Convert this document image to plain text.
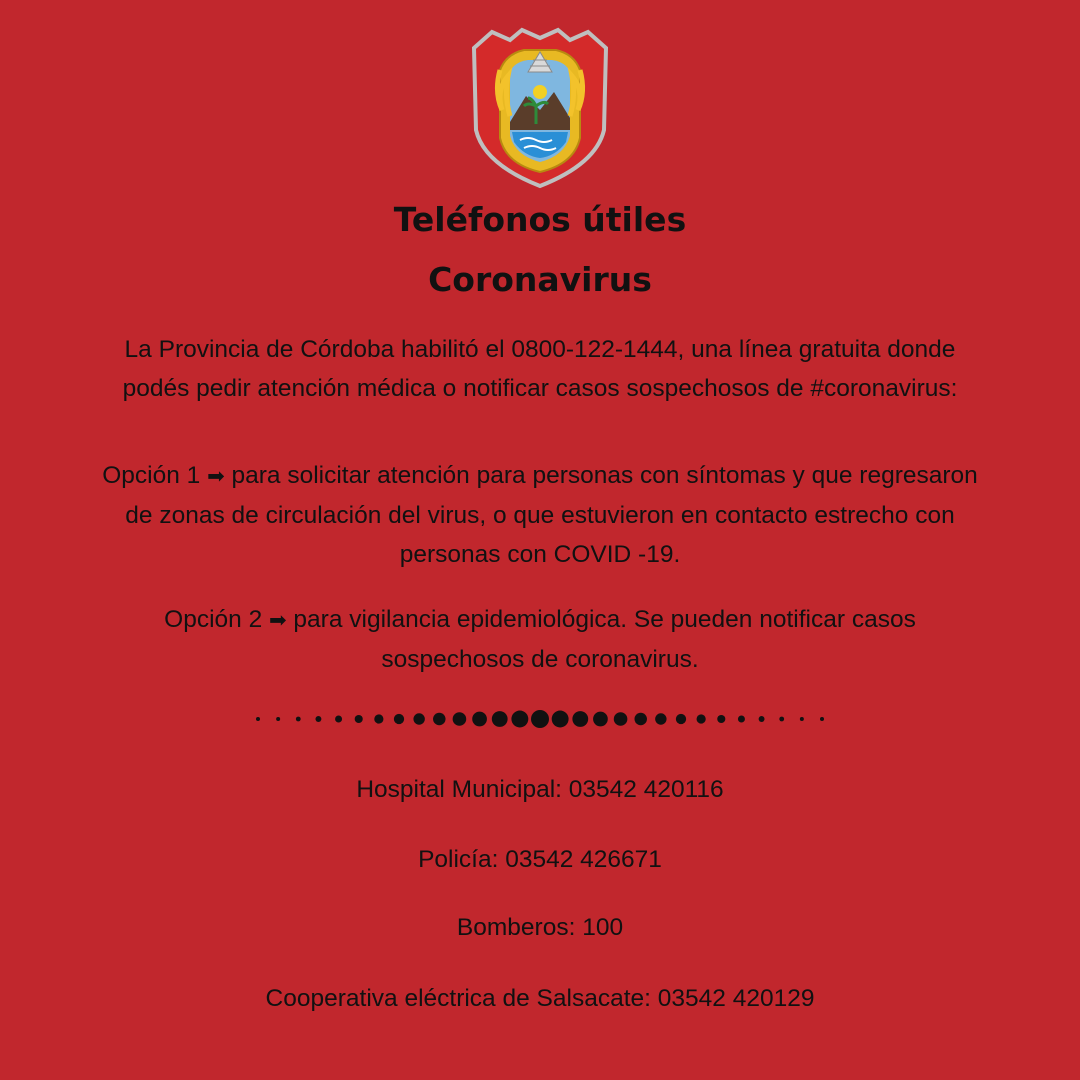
Teléfonos útiles
Coronavirus

La Provincia de Córdoba habilitó el 0800-122-1444, una línea gratuita donde podés pedir atención médica o notificar casos sospechosos de #coronavirus:

Opción 1 ➡ para solicitar atención para personas con síntomas y que regresaron de zonas de circulación del virus, o que estuvieron en contacto estrecho con personas con COVID -19.

Opción 2 ➡ para vigilancia epidemiológica. Se pueden notificar casos sospechosos de coronavirus.

Hospital Municipal: 03542 420116

Policía: 03542 426671

Bomberos: 100

Cooperativa eléctrica de Salsacate: 03542 420129
